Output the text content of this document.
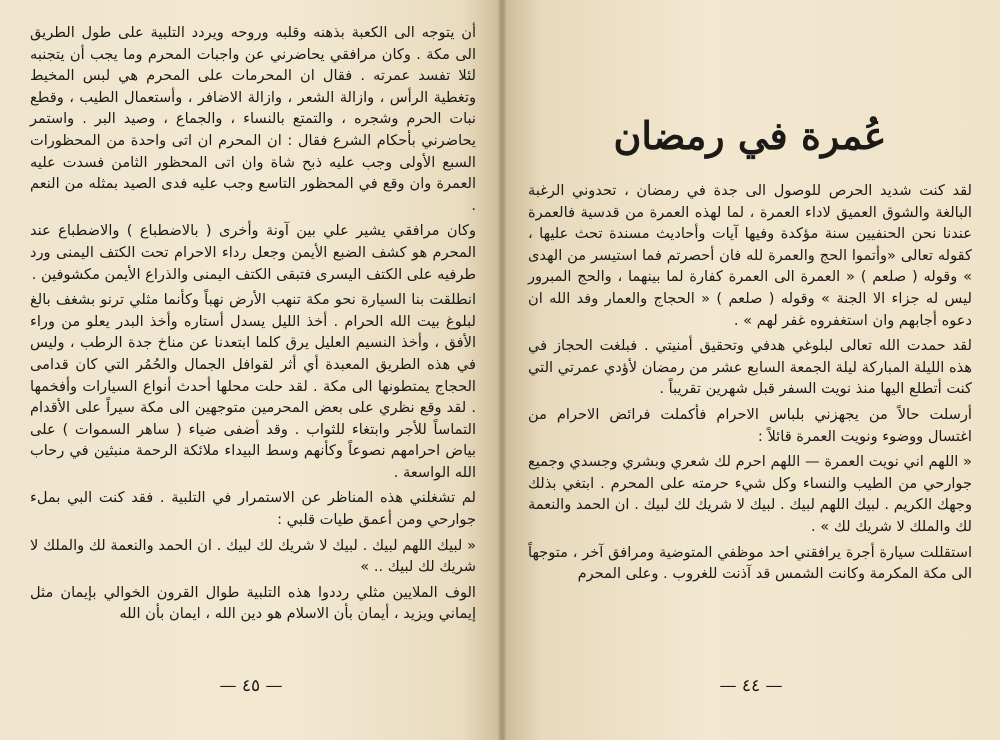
أن يتوجه الى الكعبة بذهنه وقلبه وروحه ويردد التلبية على طول الطريق الى مكة . وكان مرافقي يحاضرني عن واجبات المحرم وما يجب أن يتجنبه لئلا تفسد عمرته . فقال ان المحرمات على المحرم هي لبس المخيط وتغطية الرأس ، وازالة الشعر ، وازالة الاضافر ، وأستعمال الطيب ، وقطع نبات الحرم وشجره ، والتمتع بالنساء ، والجماع ، وصيد البر . واستمر يحاضرني بأحكام الشرع فقال : ان المحرم ان اتى واحدة من المحظورات السبع الأولى وجب عليه ذبح شاة وان اتى المحظور الثامن فسدت عليه العمرة وان وقع في المحظور التاسع وجب عليه فدى الصيد بمثله من النعم .

وكان مرافقي يشير علي بين آونة وأخرى ( بالاضطباع ) والاضطباع عند المحرم هو كشف الضبع الأيمن وجعل رداء الاحرام تحت الكتف اليمنى ورد طرفيه على الكتف اليسرى فتبقى الكتف اليمنى والذراع الأيمن مكشوفين .

انطلقت بنا السيارة نحو مكة تنهب الأرض نهباً وكأنما مثلي ترنو بشغف بالغ لبلوغ بيت الله الحرام . أخذ الليل يسدل أستاره وأخذ البدر يعلو من وراء الأفق ، وأخذ النسيم العليل يرق كلما ابتعدنا عن مناخ جدة الرطب ، وليس في هذه الطريق المعبدة أي أثر لقوافل الجمال والحُمُر التي كان قدامى الحجاج يمتطونها الى مكة . لقد حلت محلها أحدث أنواع السيارات وأفخمها . لقد وقع نظري على بعض المحرمين متوجهين الى مكة سيراً على الأقدام التماساً للأجر وابتغاء للثواب . وقد أضفى ضياء ( ساهر السموات ) على بياض احرامهم نصوعاً وكأنهم وسط البيداء ملائكة الرحمة منبثين في رحاب الله الواسعة .

لم تشغلني هذه المناظر عن الاستمرار في التلبية . فقد كنت البي بملء جوارحي ومن أعمق طيات قلبي :

« لبيك اللهم لبيك . لبيك لا شريك لك لبيك . ان الحمد والنعمة لك والملك لا شريك لك لبيك .. »

الوف الملايين مثلي رددوا هذه التلبية طوال القرون الخوالي بإيمان مثل إيماني ويزيد ، أيمان بأن الاسلام هو دين الله ، ايمان بأن الله

— ٤٥ —
عُمرة في رمضان

لقد كنت شديد الحرص للوصول الى جدة في رمضان ، تحدوني الرغبة البالغة والشوق العميق لاداء العمرة ، لما لهذه العمرة من قدسية فالعمرة عندنا نحن الحنفيين سنة مؤكدة وفيها آيات وأحاديث مسندة تحث عليها ، كقوله تعالى «وأتموا الحج والعمرة لله فان أحصرتم فما استيسر من الهدى » وقوله ( صلعم ) « العمرة الى العمرة كفارة لما بينهما ، والحج المبرور ليس له جزاء الا الجنة » وقوله ( صلعم ) « الحجاج والعمار وفد الله ان دعوه أجابهم وان استغفروه غفر لهم » .

لقد حمدت الله تعالى لبلوغي هدفي وتحقيق أمنيتي . فبلغت الحجاز في هذه الليلة المباركة ليلة الجمعة السابع عشر من رمضان لأؤدي عمرتي التي كنت أتطلع اليها منذ نويت السفر قبل شهرين تقريباً .

أرسلت حالاً من يجهزني بلباس الاحرام فأكملت فرائض الاحرام من اغتسال ووضوء ونويت العمرة قائلاً :

« اللهم اني نويت العمرة — اللهم احرم لك شعري وبشري وجسدي وجميع جوارحي من الطيب والنساء وكل شيء حرمته على المحرم . ابتغي بذلك وجهك الكريم . لبيك اللهم لبيك . لبيك لا شريك لك لبيك . ان الحمد والنعمة لك والملك لا شريك لك » .

استقللت سيارة أجرة يرافقني احد موظفي المتوضية ومرافق آخر ، متوجهاً الى مكة المكرمة وكانت الشمس قد آذنت للغروب . وعلى المحرم

— ٤٤ —
